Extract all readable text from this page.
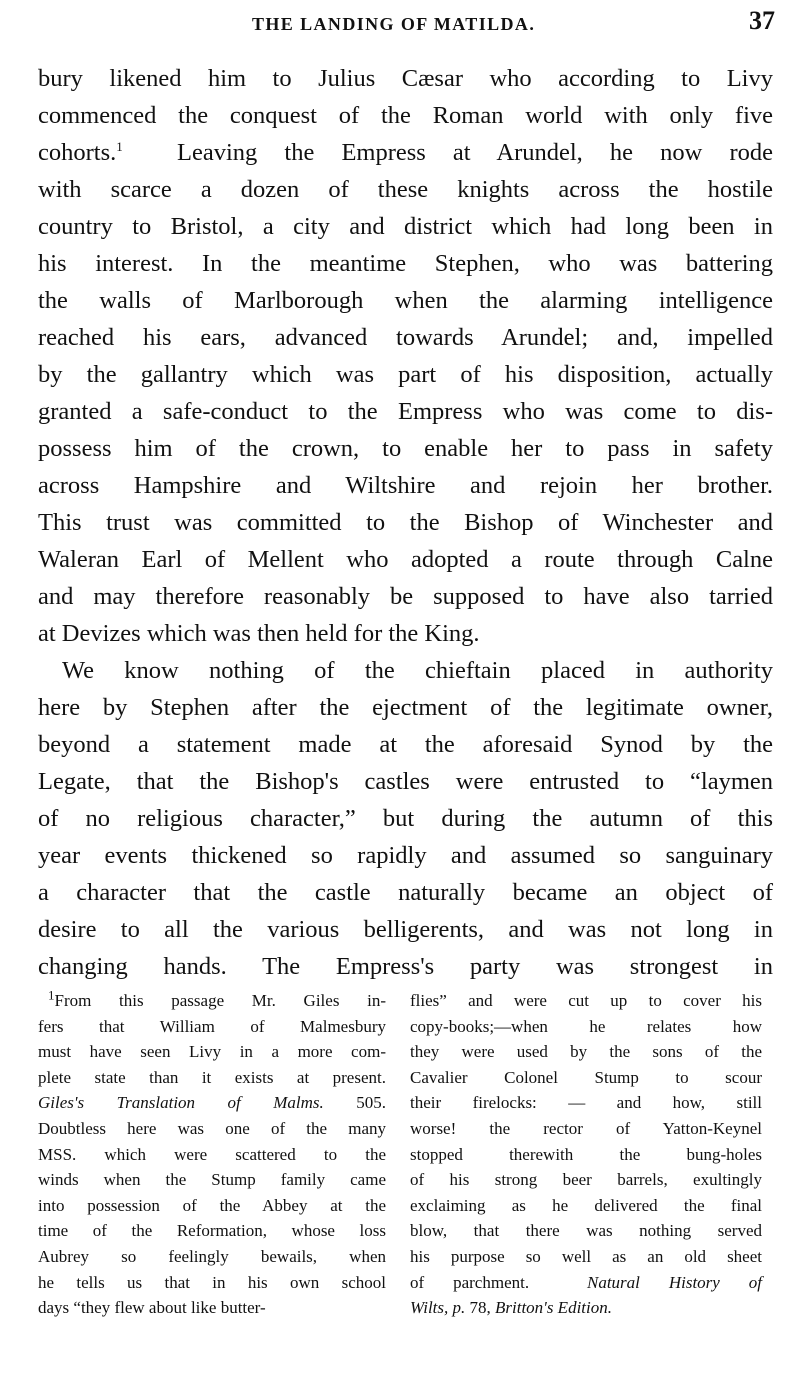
THE LANDING OF MATILDA.	37
bury likened him to Julius Cæsar who according to Livy
commenced the conquest of the Roman world with only five
cohorts.$^1$ Leaving the Empress at Arundel, he now rode
with scarce a dozen of these knights across the hostile
country to Bristol, a city and district which had long been in
his interest. In the meantime Stephen, who was battering
the walls of Marlborough when the alarming intelligence
reached his ears, advanced towards Arundel; and, impelled
by the gallantry which was part of his disposition, actually
granted a safe-conduct to the Empress who was come to dis-
possess him of the crown, to enable her to pass in safety
across Hampshire and Wiltshire and rejoin her brother.
This trust was committed to the Bishop of Winchester and
Waleran Earl of Mellent who adopted a route through Calne
and may therefore reasonably be supposed to have also tarried
at Devizes which was then held for the King.
We know nothing of the chieftain placed in authority
here by Stephen after the ejectment of the legitimate owner,
beyond a statement made at the aforesaid Synod by the
Legate, that the Bishop's castles were entrusted to “laymen
of no religious character,” but during the autumn of this
year events thickened so rapidly and assumed so sanguinary
a character that the castle naturally became an object of
desire to all the various belligerents, and was not long in
changing hands. The Empress's party was strongest in
$^1$From this passage Mr. Giles in-
fers that William of Malmesbury
must have seen Livy in a more com-
plete state than it exists at present.
Giles's Translation of Malms. 505.
Doubtless here was one of the many
MSS. which were scattered to the
winds when the Stump family came
into possession of the Abbey at the
time of the Reformation, whose loss
Aubrey so feelingly bewails, when
he tells us that in his own school
days “they flew about like butter-
flies” and were cut up to cover his
copy-books;—when he relates how
they were used by the sons of the
Cavalier Colonel Stump to scour
their firelocks: — and how, still
worse! the rector of Yatton-Keynel
stopped therewith the bung-holes
of his strong beer barrels, exultingly
exclaiming as he delivered the final
blow, that there was nothing served
his purpose so well as an old sheet
of parchment.	Natural History of
Wilts, p. 78, Britton's Edition.
